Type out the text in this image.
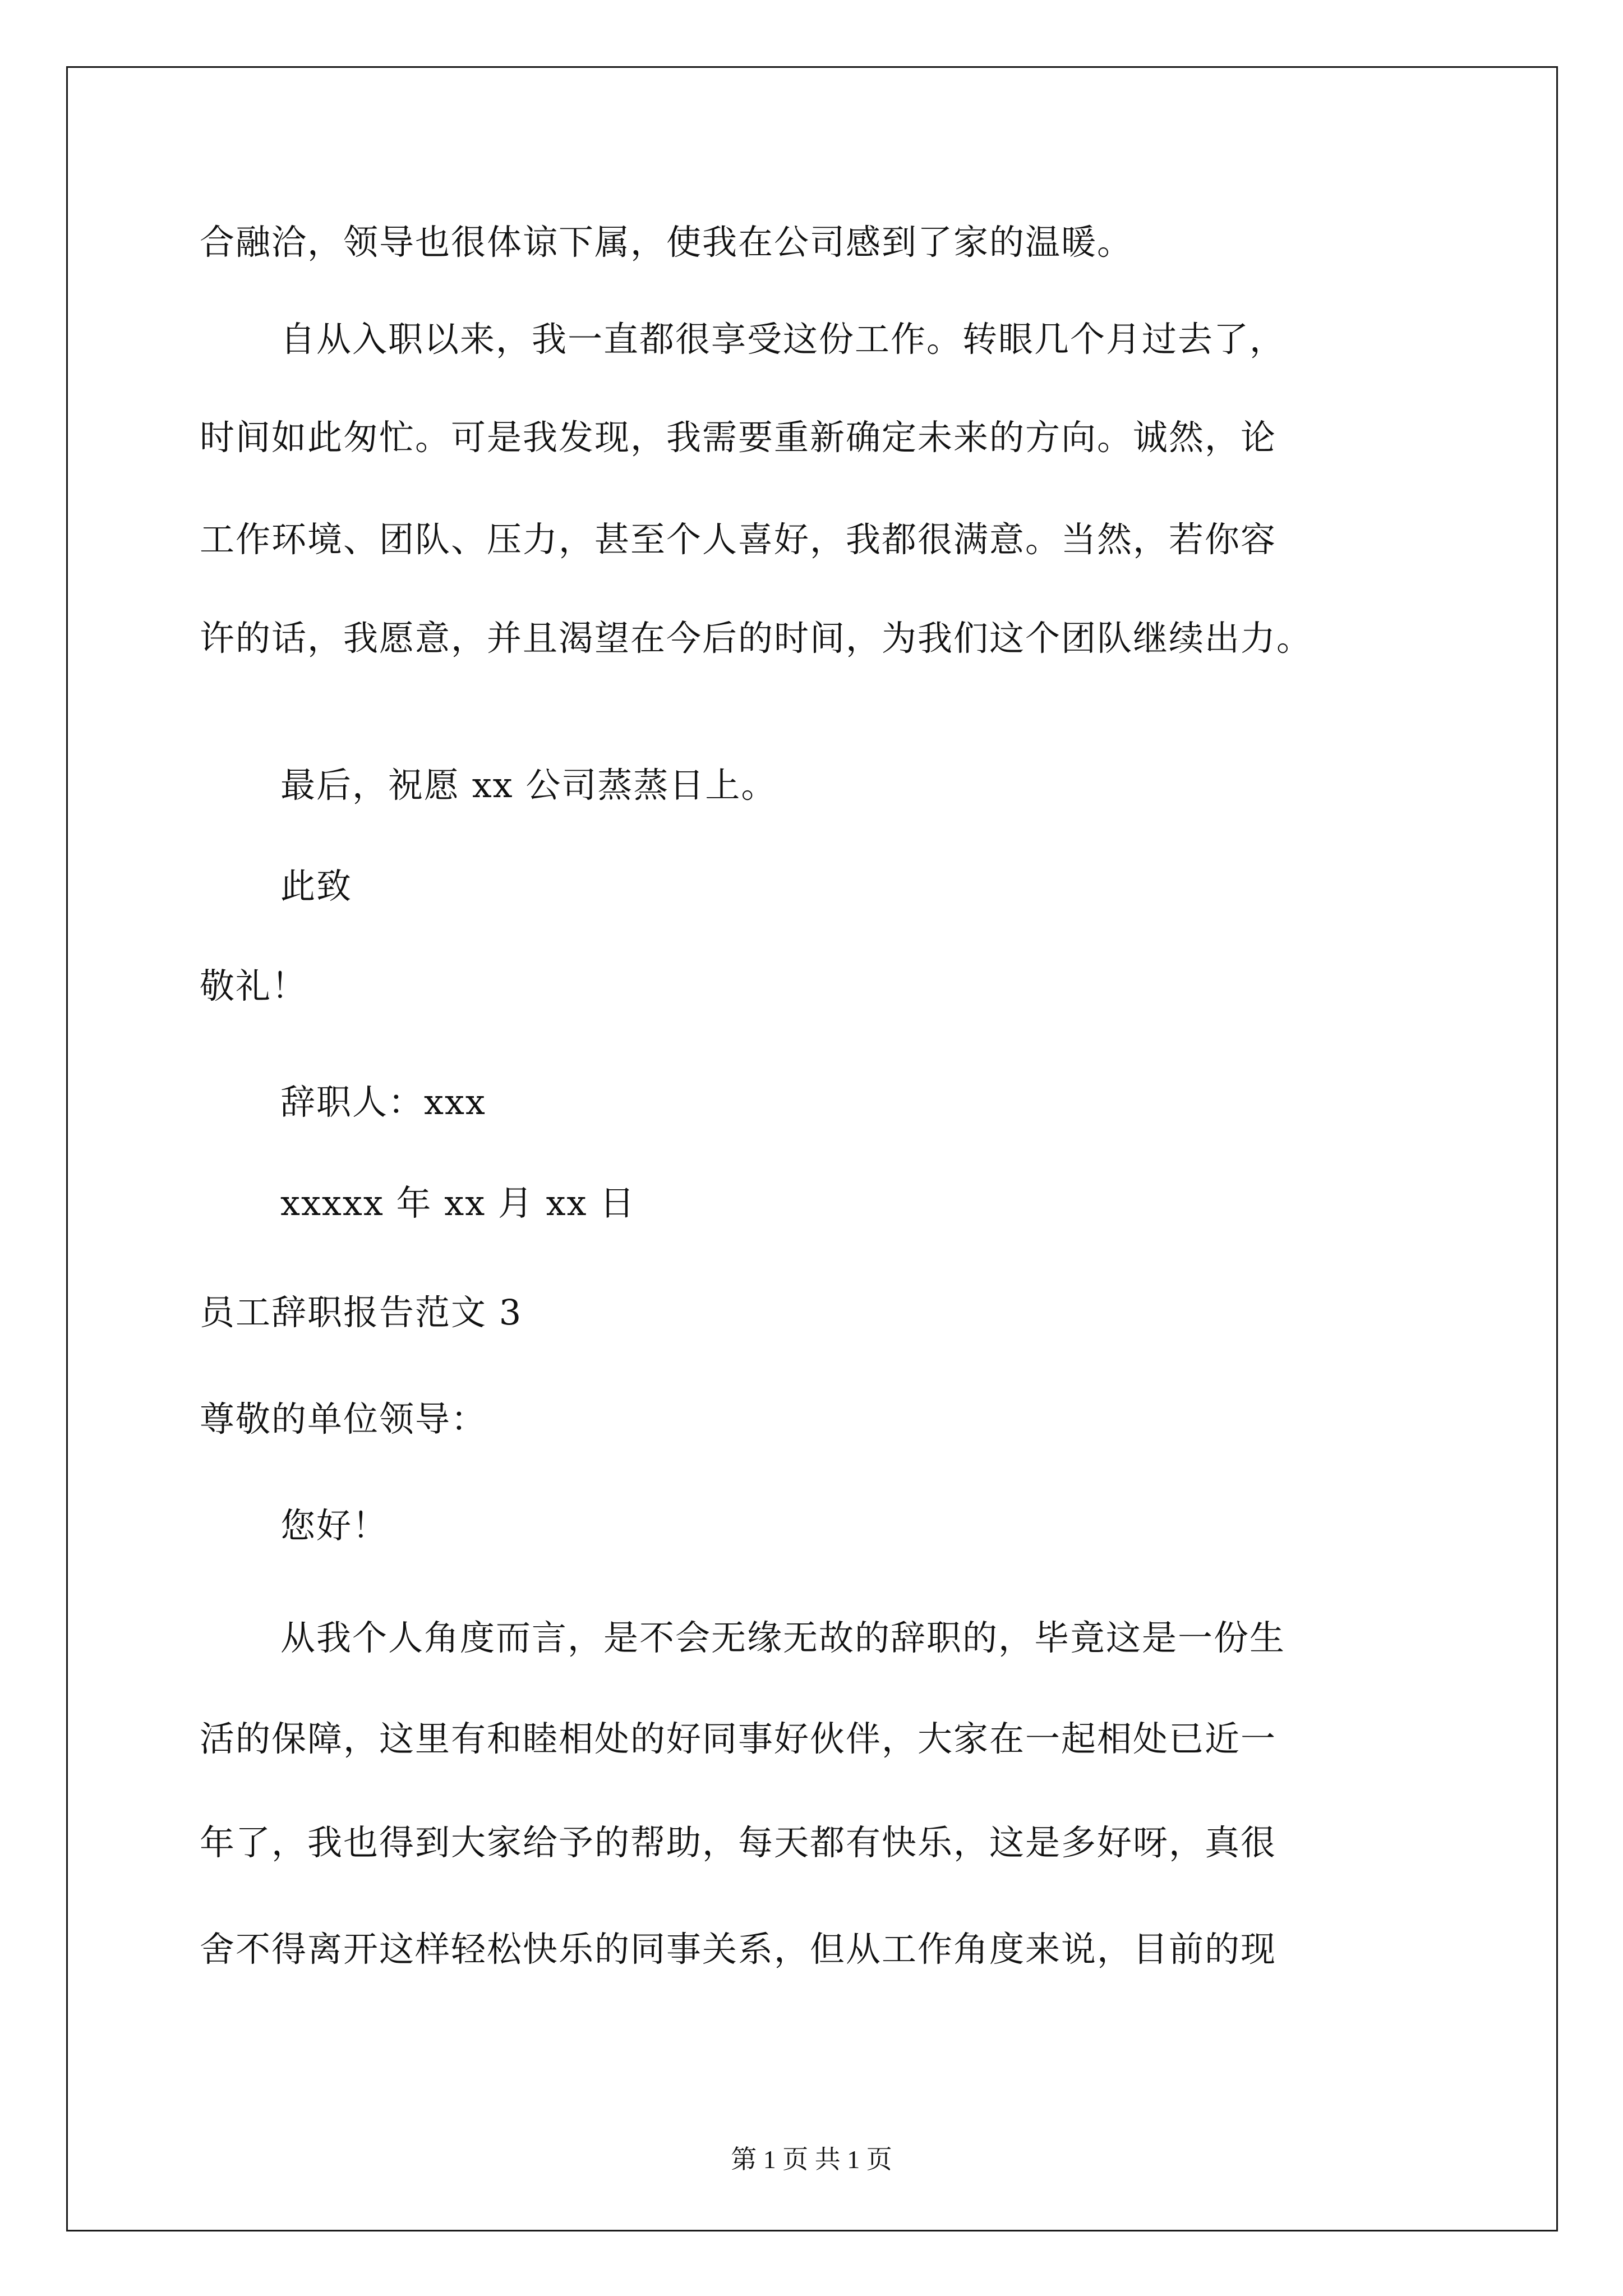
合融洽，领导也很体谅下属，使我在公司感到了家的温暖。
自从入职以来，我一直都很享受这份工作。转眼几个月过去了，
时间如此匆忙。可是我发现，我需要重新确定未来的方向。诚然，论
工作环境、团队、压力，甚至个人喜好，我都很满意。当然，若你容
许的话，我愿意，并且渴望在今后的时间，为我们这个团队继续出力。
最后，祝愿 xx 公司蒸蒸日上。
此致
敬礼！
辞职人：xxx
xxxxx 年 xx 月 xx 日
员工辞职报告范文 3
尊敬的单位领导：
您好！
从我个人角度而言，是不会无缘无故的辞职的，毕竟这是一份生
活的保障，这里有和睦相处的好同事好伙伴，大家在一起相处已近一
年了，我也得到大家给予的帮助，每天都有快乐，这是多好呀，真很
舍不得离开这样轻松快乐的同事关系，但从工作角度来说，目前的现
第 1 页 共 1 页
